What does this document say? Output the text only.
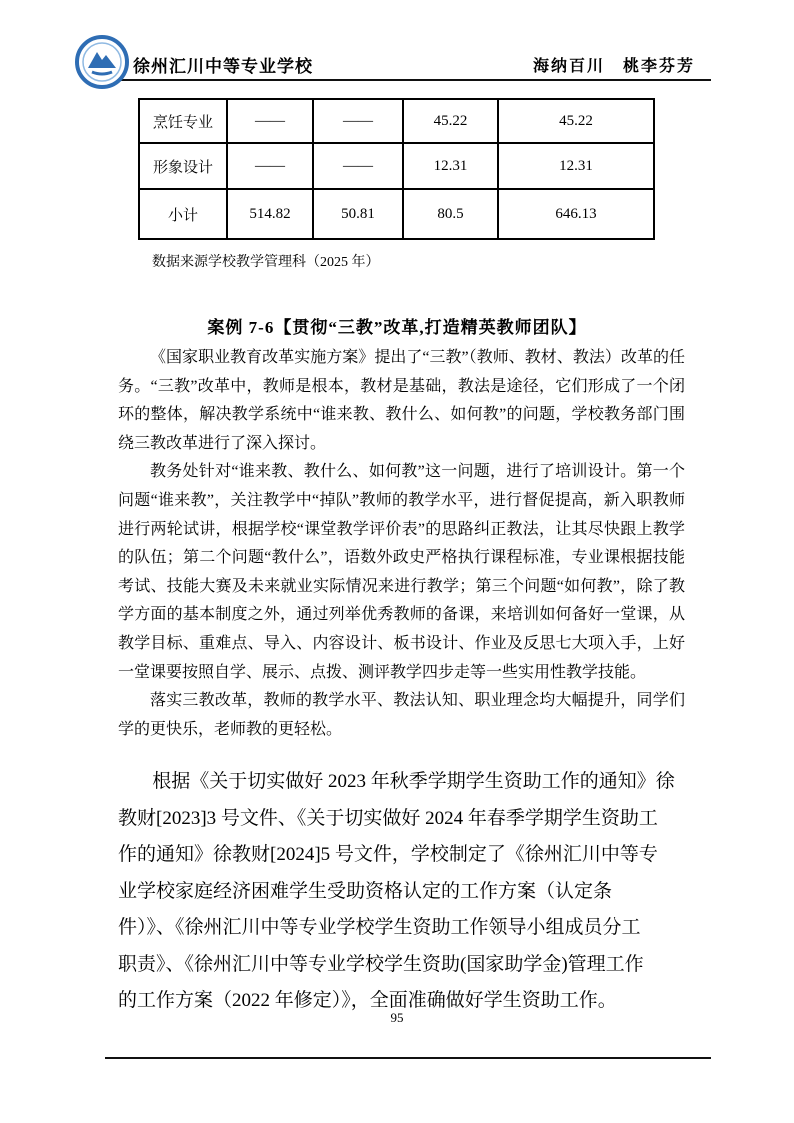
徐州汇川中等专业学校	海纳百川　桃李芬芳
烹饪专业	——	——	45.22	45.22
形象设计	——	——	12.31	12.31
小计	514.82	50.81	80.5	646.13
数据来源学校教学管理科（2025 年）
案例 7-6【贯彻“三教”改革,打造精英教师团队】

《国家职业教育改革实施方案》提出了“三教”（教师、教材、教法）改革的任务。“三教”改革中，教师是根本，教材是基础，教法是途径，它们形成了一个闭环的整体，解决教学系统中“谁来教、教什么、如何教”的问题，学校教务部门围绕三教改革进行了深入探讨。

教务处针对“谁来教、教什么、如何教”这一问题，进行了培训设计。第一个问题“谁来教”，关注教学中“掉队”教师的教学水平，进行督促提高，新入职教师进行两轮试讲，根据学校“课堂教学评价表”的思路纠正教法，让其尽快跟上教学的队伍；第二个问题“教什么”，语数外政史严格执行课程标准，专业课根据技能考试、技能大赛及未来就业实际情况来进行教学；第三个问题“如何教”，除了教学方面的基本制度之外，通过列举优秀教师的备课，来培训如何备好一堂课，从教学目标、重难点、导入、内容设计、板书设计、作业及反思七大项入手，上好一堂课要按照自学、展示、点拨、测评教学四步走等一些实用性教学技能。

落实三教改革，教师的教学水平、教法认知、职业理念均大幅提升，同学们学的更快乐，老师教的更轻松。

根据《关于切实做好 2023 年秋季学期学生资助工作的通知》徐
教财[2023]3 号文件、《关于切实做好 2024 年春季学期学生资助工
作的通知》徐教财[2024]5 号文件，学校制定了《徐州汇川中等专
业学校家庭经济困难学生受助资格认定的工作方案（认定条
件）》、《徐州汇川中等专业学校学生资助工作领导小组成员分工
职责》、《徐州汇川中等专业学校学生资助(国家助学金)管理工作
的工作方案（2022 年修定）》，全面准确做好学生资助工作。
95
